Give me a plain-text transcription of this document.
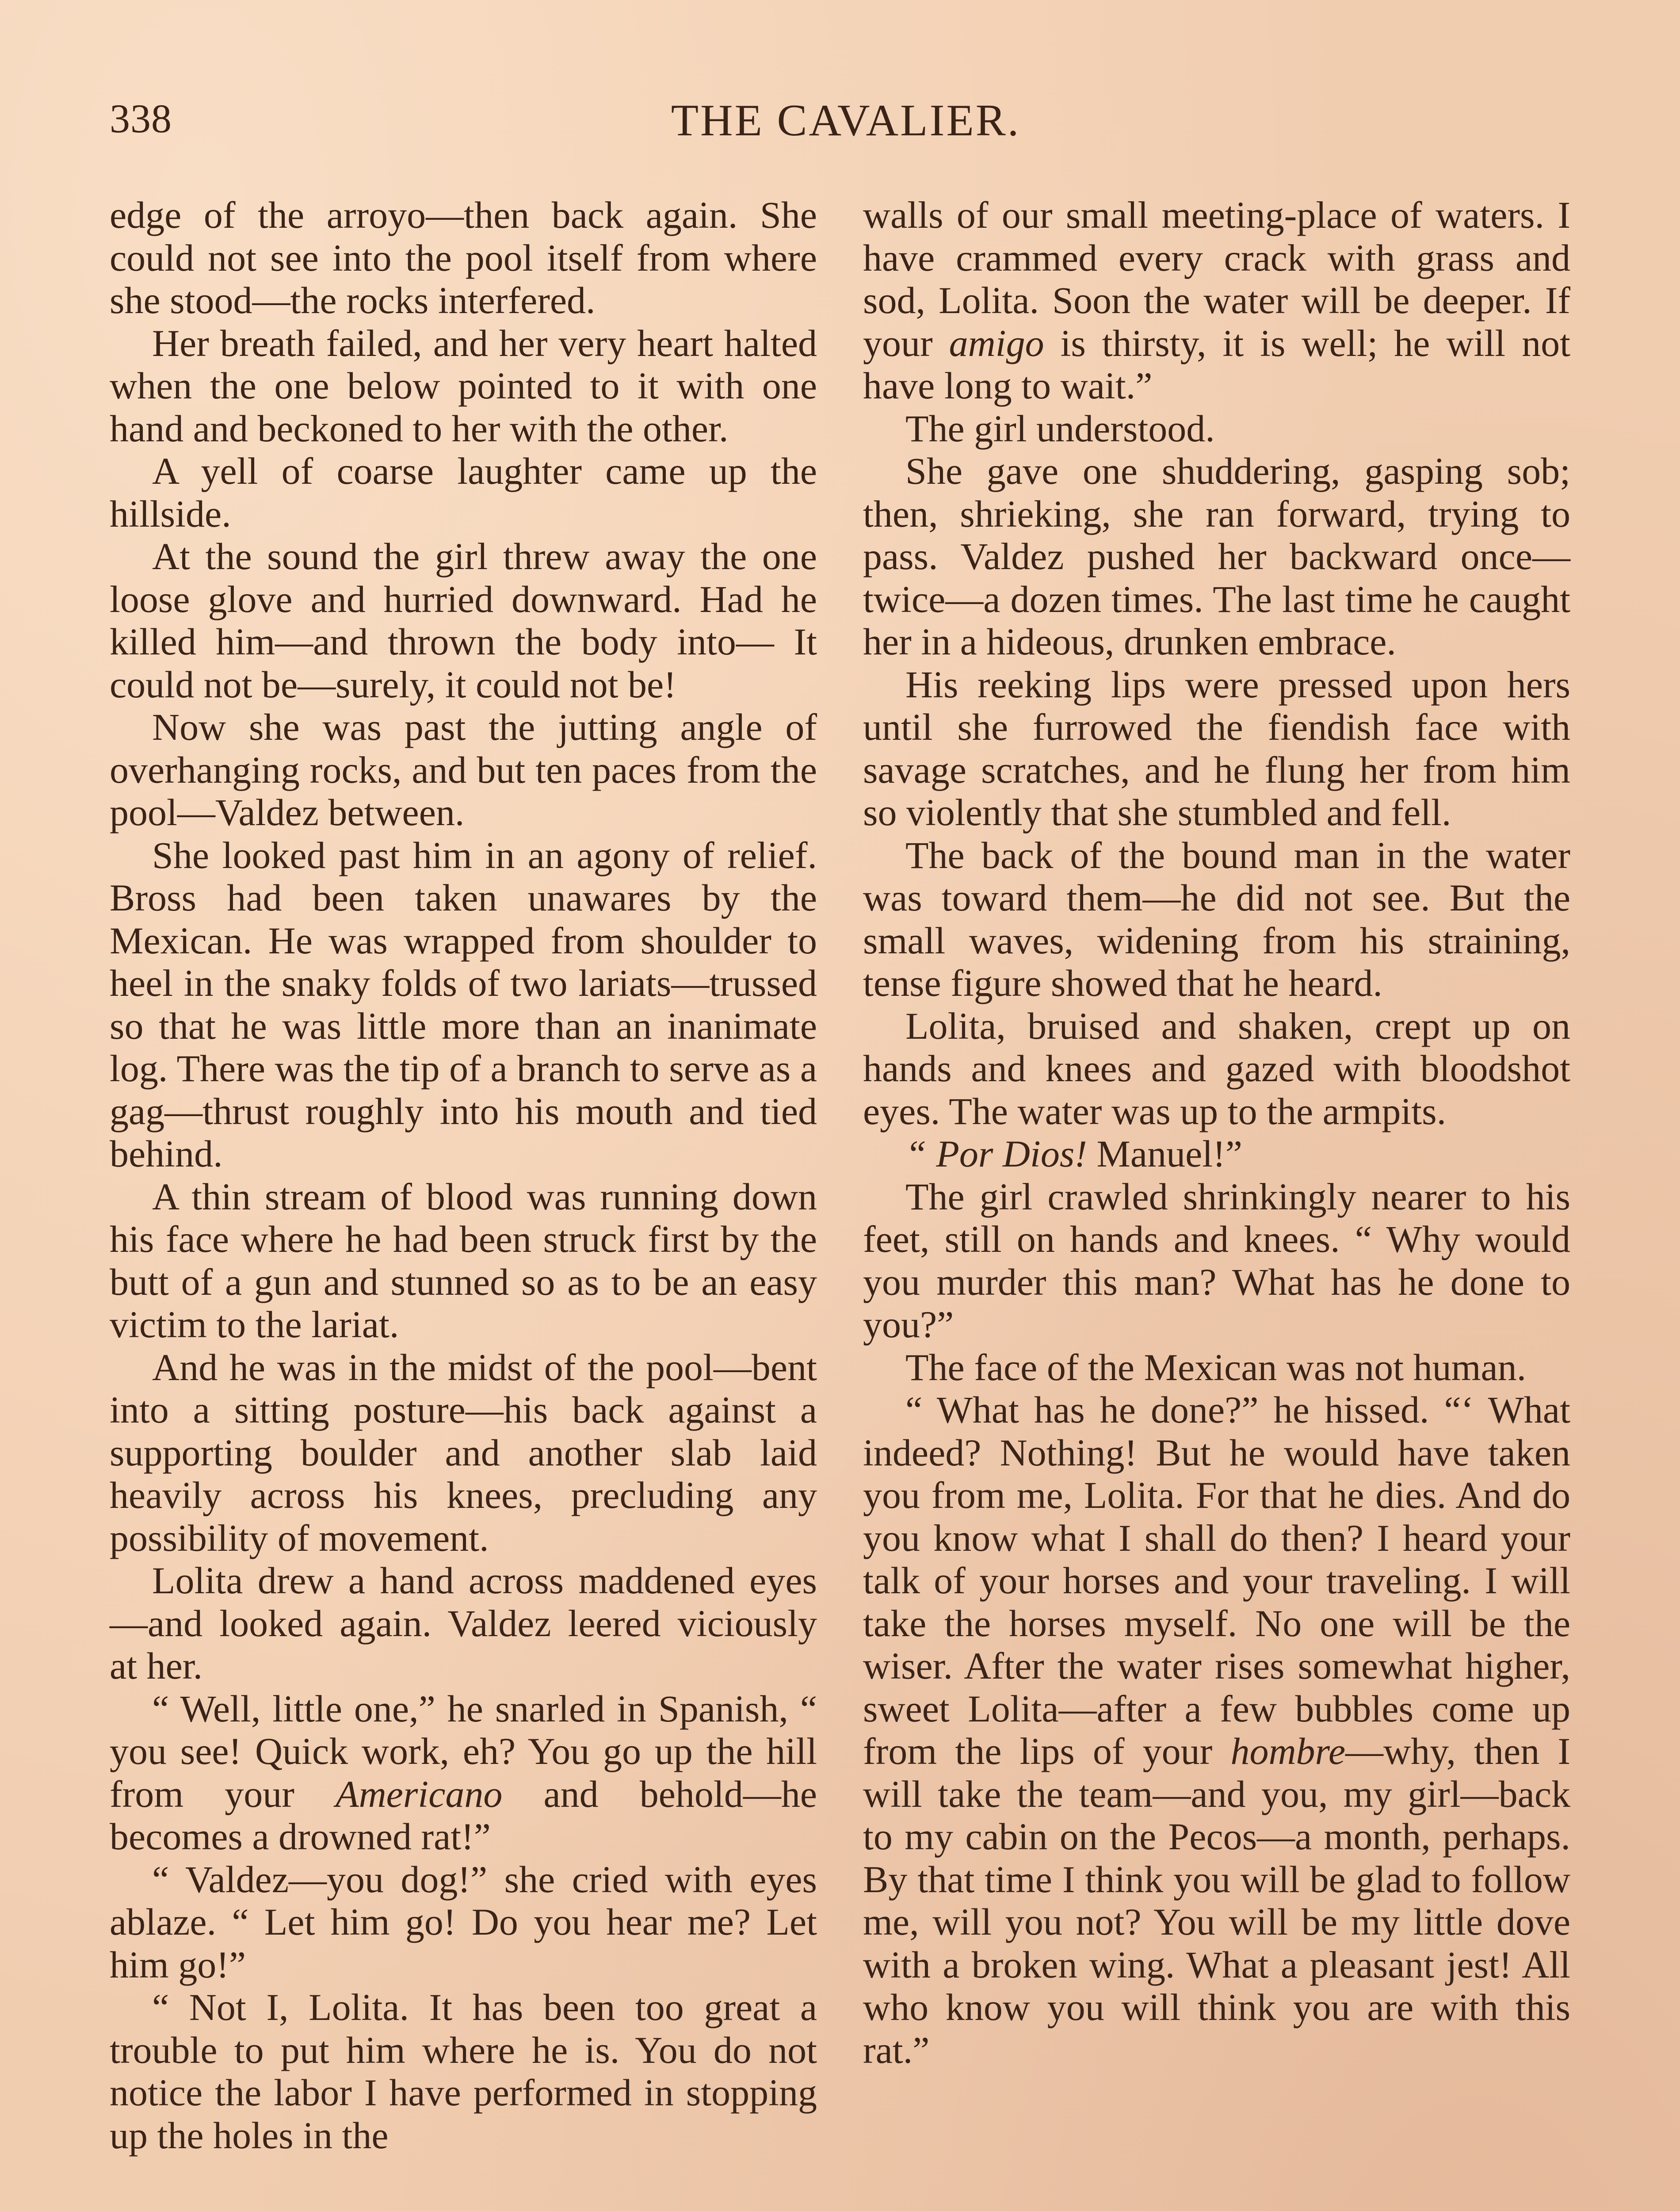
338	THE CAVALIER.

edge of the arroyo—then back again. She could not see into the pool itself from where she stood—the rocks interfered.

Her breath failed, and her very heart halted when the one below pointed to it with one hand and beckoned to her with the other.

A yell of coarse laughter came up the hillside.

At the sound the girl threw away the one loose glove and hurried downward. Had he killed him—and thrown the body into— It could not be—surely, it could not be!

Now she was past the jutting angle of overhanging rocks, and but ten paces from the pool—Valdez between.

She looked past him in an agony of relief. Bross had been taken unawares by the Mexican. He was wrapped from shoulder to heel in the snaky folds of two lariats—trussed so that he was little more than an inanimate log. There was the tip of a branch to serve as a gag—thrust roughly into his mouth and tied behind.

A thin stream of blood was running down his face where he had been struck first by the butt of a gun and stunned so as to be an easy victim to the lariat.

And he was in the midst of the pool—bent into a sitting posture—his back against a supporting boulder and another slab laid heavily across his knees, precluding any possibility of movement.

Lolita drew a hand across maddened eyes—and looked again. Valdez leered viciously at her.

“ Well, little one,” he snarled in Spanish, “ you see! Quick work, eh? You go up the hill from your Americano and behold—he becomes a drowned rat!”

“ Valdez—you dog!” she cried with eyes ablaze. “ Let him go! Do you hear me? Let him go!”

“ Not I, Lolita. It has been too great a trouble to put him where he is. You do not notice the labor I have performed in stopping up the holes in the

walls of our small meeting-place of waters. I have crammed every crack with grass and sod, Lolita. Soon the water will be deeper. If your amigo is thirsty, it is well; he will not have long to wait.”

The girl understood.

She gave one shuddering, gasping sob; then, shrieking, she ran forward, trying to pass. Valdez pushed her backward once—twice—a dozen times. The last time he caught her in a hideous, drunken embrace.

His reeking lips were pressed upon hers until she furrowed the fiendish face with savage scratches, and he flung her from him so violently that she stumbled and fell.

The back of the bound man in the water was toward them—he did not see. But the small waves, widening from his straining, tense figure showed that he heard.

Lolita, bruised and shaken, crept up on hands and knees and gazed with bloodshot eyes. The water was up to the armpits.

“ Por Dios! Manuel!”

The girl crawled shrinkingly nearer to his feet, still on hands and knees. “ Why would you murder this man? What has he done to you?”

The face of the Mexican was not human.

“ What has he done?” he hissed. “‘ What indeed? Nothing! But he would have taken you from me, Lolita. For that he dies. And do you know what I shall do then? I heard your talk of your horses and your traveling. I will take the horses myself. No one will be the wiser. After the water rises somewhat higher, sweet Lolita—after a few bubbles come up from the lips of your hombre—why, then I will take the team—and you, my girl—back to my cabin on the Pecos—a month, perhaps. By that time I think you will be glad to follow me, will you not? You will be my little dove with a broken wing. What a pleasant jest! All who know you will think you are with this rat.”
